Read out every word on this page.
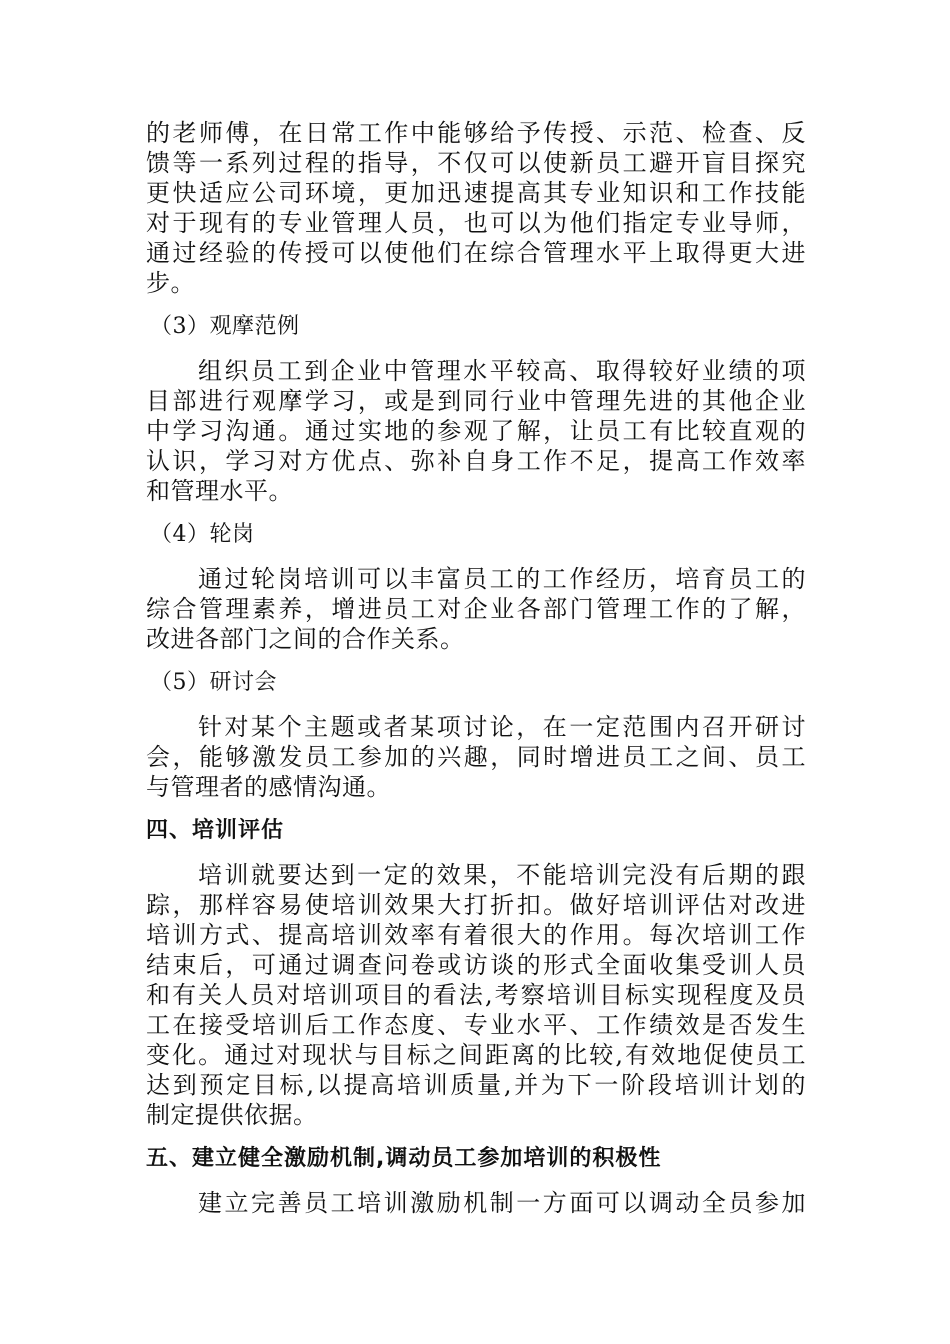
的老师傅，在日常工作中能够给予传授、示范、检查、反
馈等一系列过程的指导，不仅可以使新员工避开盲目探究
更快适应公司环境，更加迅速提高其专业知识和工作技能
对于现有的专业管理人员，也可以为他们指定专业导师，
通过经验的传授可以使他们在综合管理水平上取得更大进
步。
（3）观摩范例
组织员工到企业中管理水平较高、取得较好业绩的项
目部进行观摩学习，或是到同行业中管理先进的其他企业
中学习沟通。通过实地的参观了解，让员工有比较直观的
认识，学习对方优点、弥补自身工作不足，提高工作效率
和管理水平。
（4）轮岗
通过轮岗培训可以丰富员工的工作经历，培育员工的
综合管理素养，增进员工对企业各部门管理工作的了解，
改进各部门之间的合作关系。
（5）研讨会
针对某个主题或者某项讨论，在一定范围内召开研讨
会，能够激发员工参加的兴趣，同时增进员工之间、员工
与管理者的感情沟通。
四、培训评估
培训就要达到一定的效果，不能培训完没有后期的跟
踪，那样容易使培训效果大打折扣。做好培训评估对改进
培训方式、提高培训效率有着很大的作用。每次培训工作
结束后，可通过调查问卷或访谈的形式全面收集受训人员
和有关人员对培训项目的看法,考察培训目标实现程度及员
工在接受培训后工作态度、专业水平、工作绩效是否发生
变化。通过对现状与目标之间距离的比较,有效地促使员工
达到预定目标,以提高培训质量,并为下一阶段培训计划的
制定提供依据。
五、建立健全激励机制,调动员工参加培训的积极性
建立完善员工培训激励机制一方面可以调动全员参加
